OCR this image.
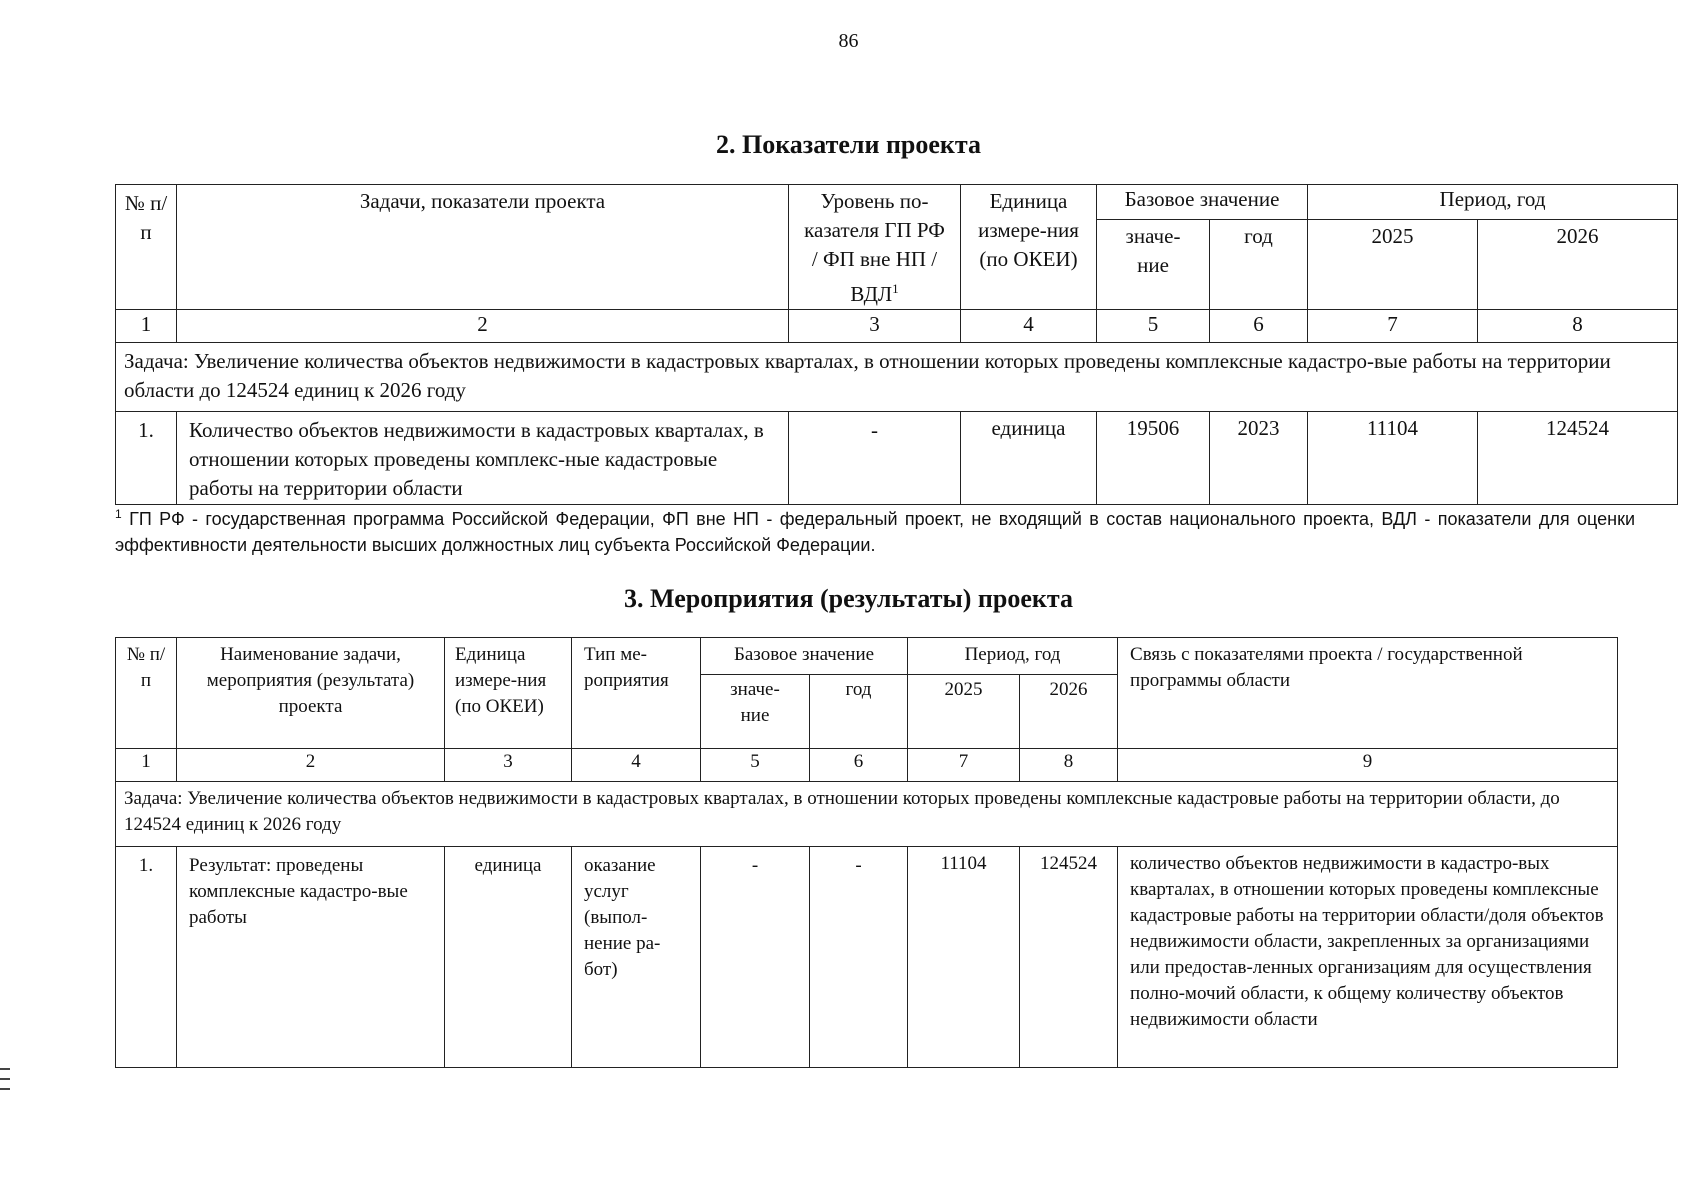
86
2. Показатели проекта
№ п/п	Задачи, показатели проекта	Уровень по-казателя ГП РФ / ФП вне НП / ВДЛ$^1$	Единица измере-ния (по ОКЕИ)	Базовое значение		Период, год	
				значе-ние	год	2025	2026
1	2	3	4	5	6	7	8
Задача: Увеличение количества объектов недвижимости в кадастровых кварталах, в отношении которых проведены комплексные кадастро-вые работы на территории области до 124524 единиц к 2026 году							
1.	Количество объектов недвижимости в кадастровых кварталах, в отношении которых проведены комплекс-ные кадастровые работы на территории области	-	единица	19506	2023	11104	124524
$^1$ ГП РФ - государственная программа Российской Федерации, ФП вне НП - федеральный проект, не входящий в состав национального проекта, ВДЛ - показатели для оценки эффективности деятельности высших должностных лиц субъекта Российской Федерации.
3. Мероприятия (результаты) проекта
№ п/п	Наименование задачи, мероприятия (результата) проекта	Единица измере-ния (по ОКЕИ)	Тип ме-роприятия	Базовое значение		Период, год		Связь с показателями проекта / государственной программы области
				значе-ние	год	2025	2026	
1	2	3	4	5	6	7	8	9
Задача: Увеличение количества объектов недвижимости в кадастровых кварталах, в отношении которых проведены комплексные кадастровые работы на территории области, до 124524 единиц к 2026 году								
1.	Результат: проведены комплексные кадастро-вые работы	единица	оказание услуг (выпол-нение ра-бот)	-	-	11104	124524	количество объектов недвижимости в кадастро-вых кварталах, в отношении которых проведены комплексные кадастровые работы на территории области/доля объектов недвижимости области, закрепленных за организациями или предостав-ленных организациям для осуществления полно-мочий области, к общему количеству объектов недвижимости области
